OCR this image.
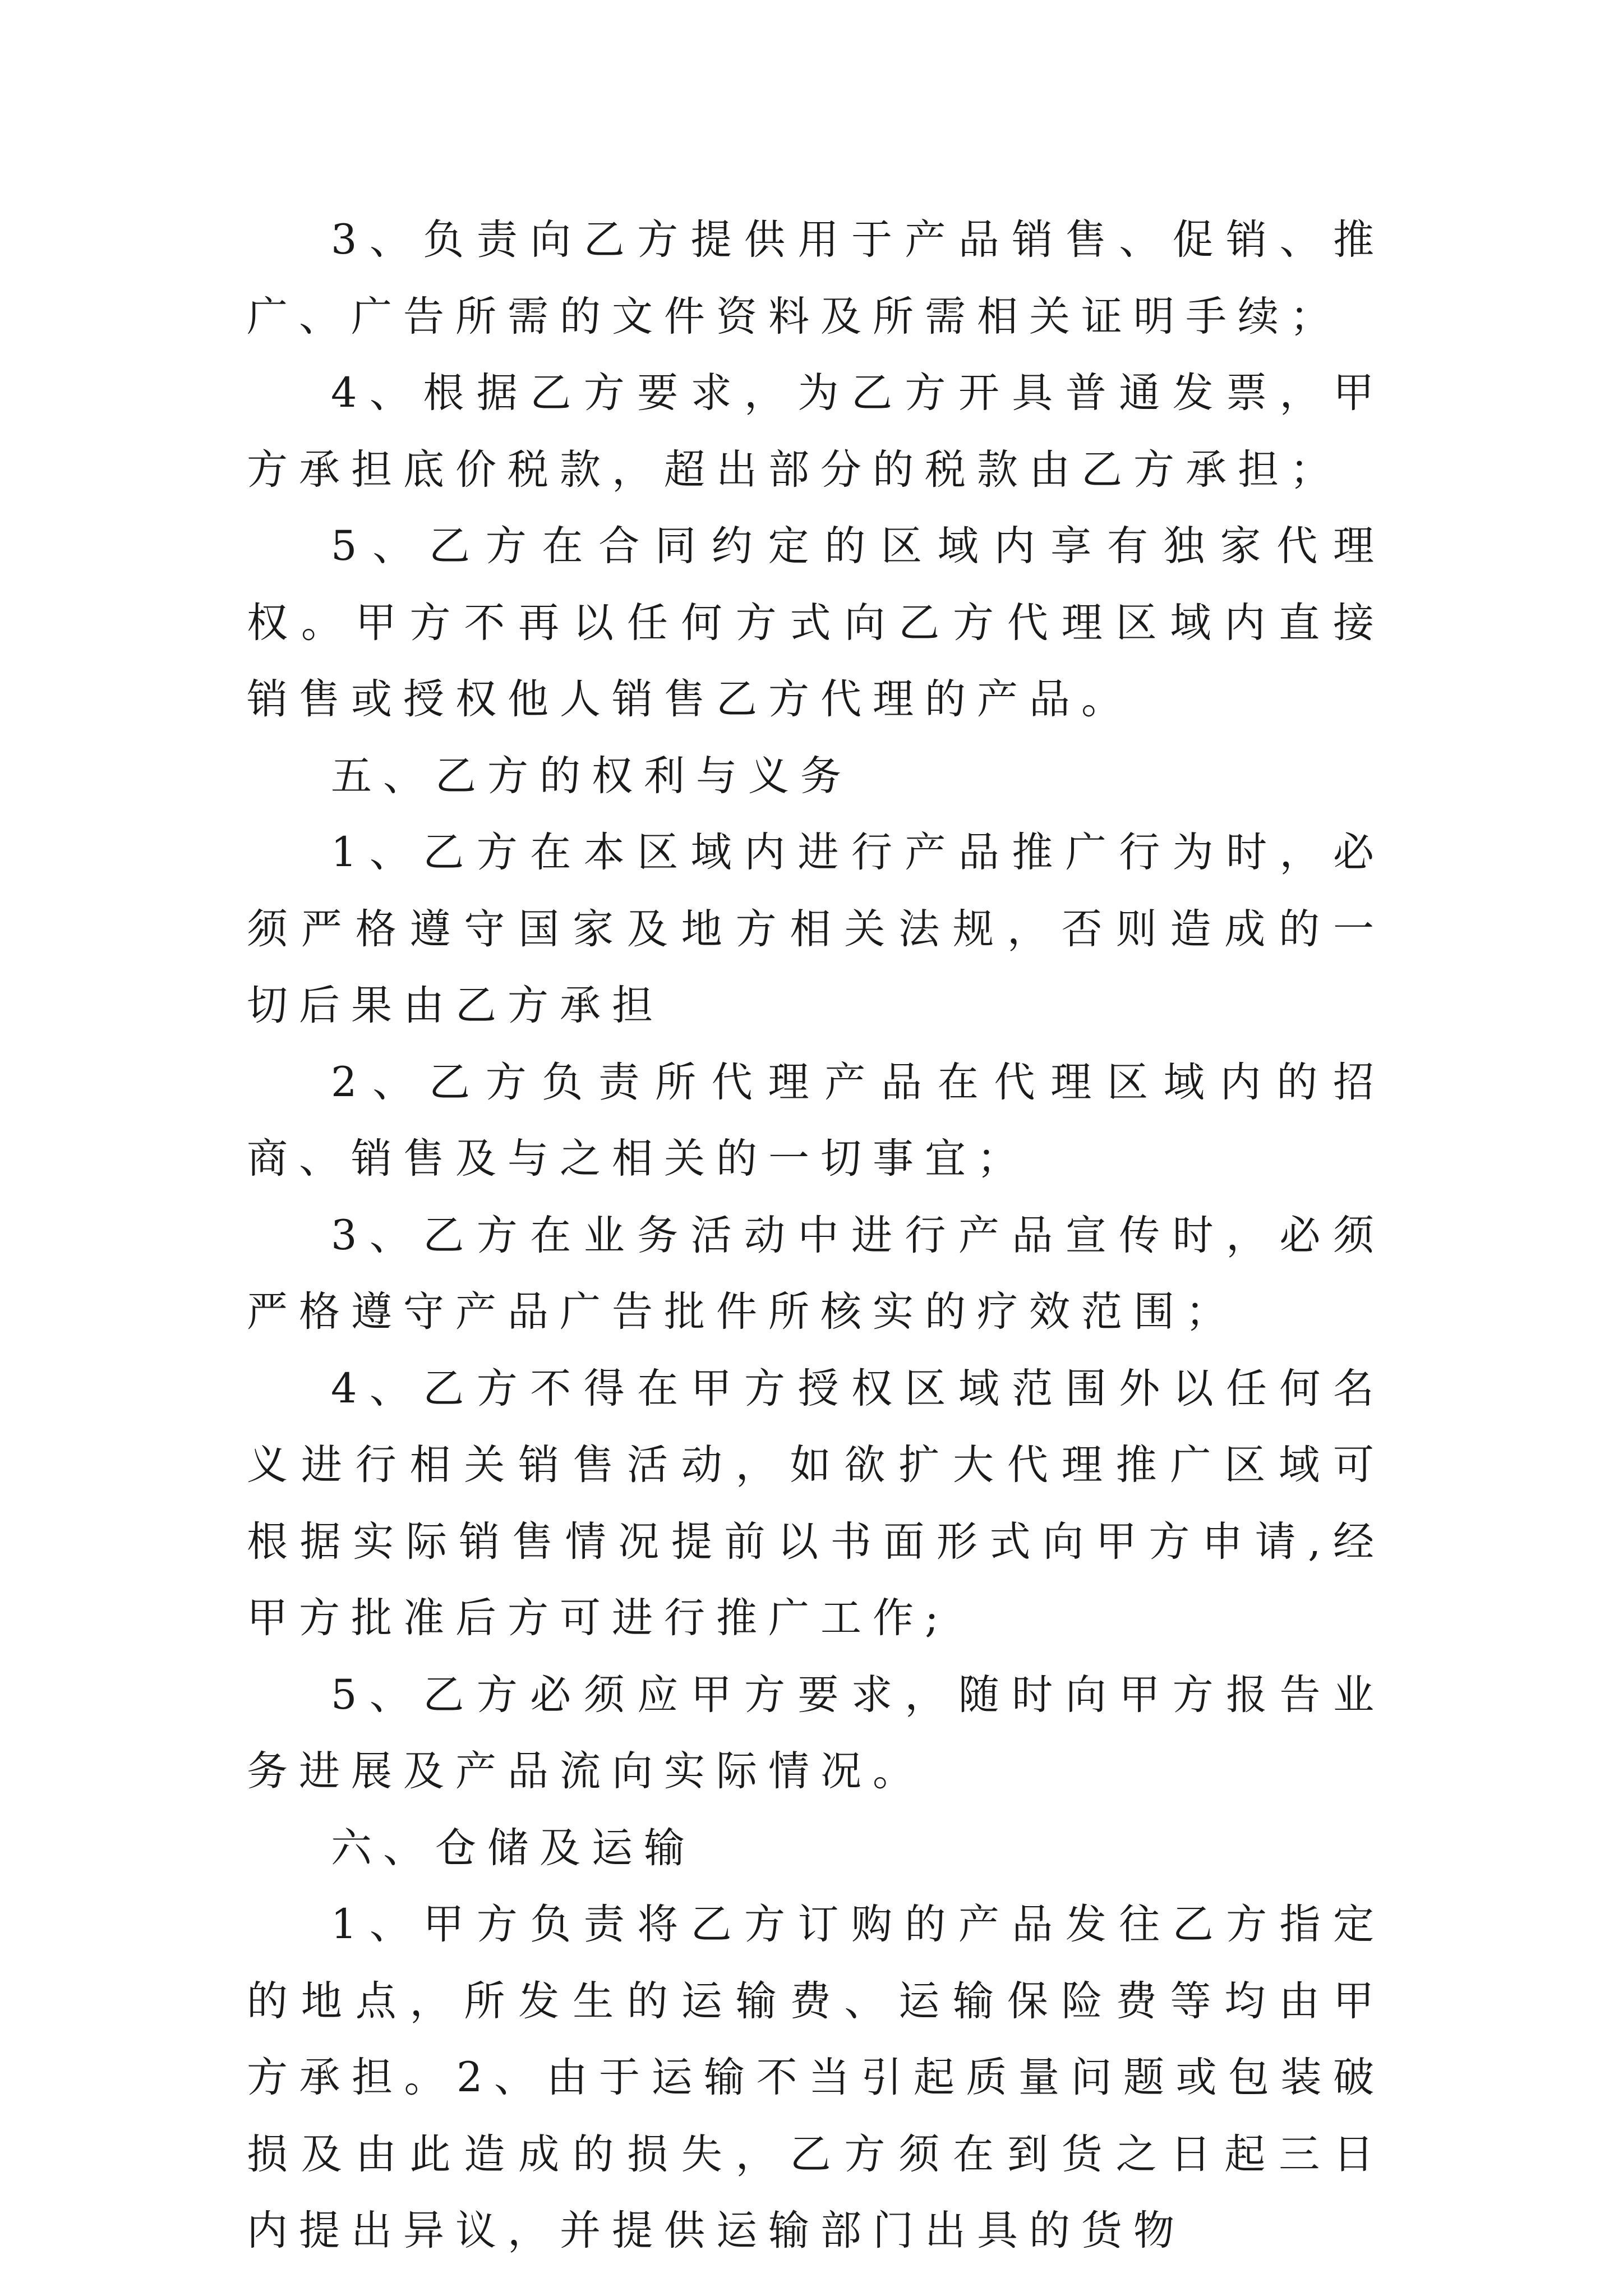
3、负责向乙方提供用于产品销售、促销、推广、广告所需的文件资料及所需相关证明手续；

4、根据乙方要求，为乙方开具普通发票，甲方承担底价税款，超出部分的税款由乙方承担；

5、乙方在合同约定的区域内享有独家代理权。甲方不再以任何方式向乙方代理区域内直接销售或授权他人销售乙方代理的产品。

五、乙方的权利与义务

1、乙方在本区域内进行产品推广行为时，必须严格遵守国家及地方相关法规，否则造成的一切后果由乙方承担

2、乙方负责所代理产品在代理区域内的招商、销售及与之相关的一切事宜；

3、乙方在业务活动中进行产品宣传时，必须严格遵守产品广告批件所核实的疗效范围；

4、乙方不得在甲方授权区域范围外以任何名义进行相关销售活动，如欲扩大代理推广区域可根据实际销售情况提前以书面形式向甲方申请,经甲方批准后方可进行推广工作;

5、乙方必须应甲方要求，随时向甲方报告业务进展及产品流向实际情况。

六、仓储及运输

1、甲方负责将乙方订购的产品发往乙方指定的地点，所发生的运输费、运输保险费等均由甲方承担。2、由于运输不当引起质量问题或包装破损及由此造成的损失，乙方须在到货之日起三日内提出异议，并提供运输部门出具的货物
